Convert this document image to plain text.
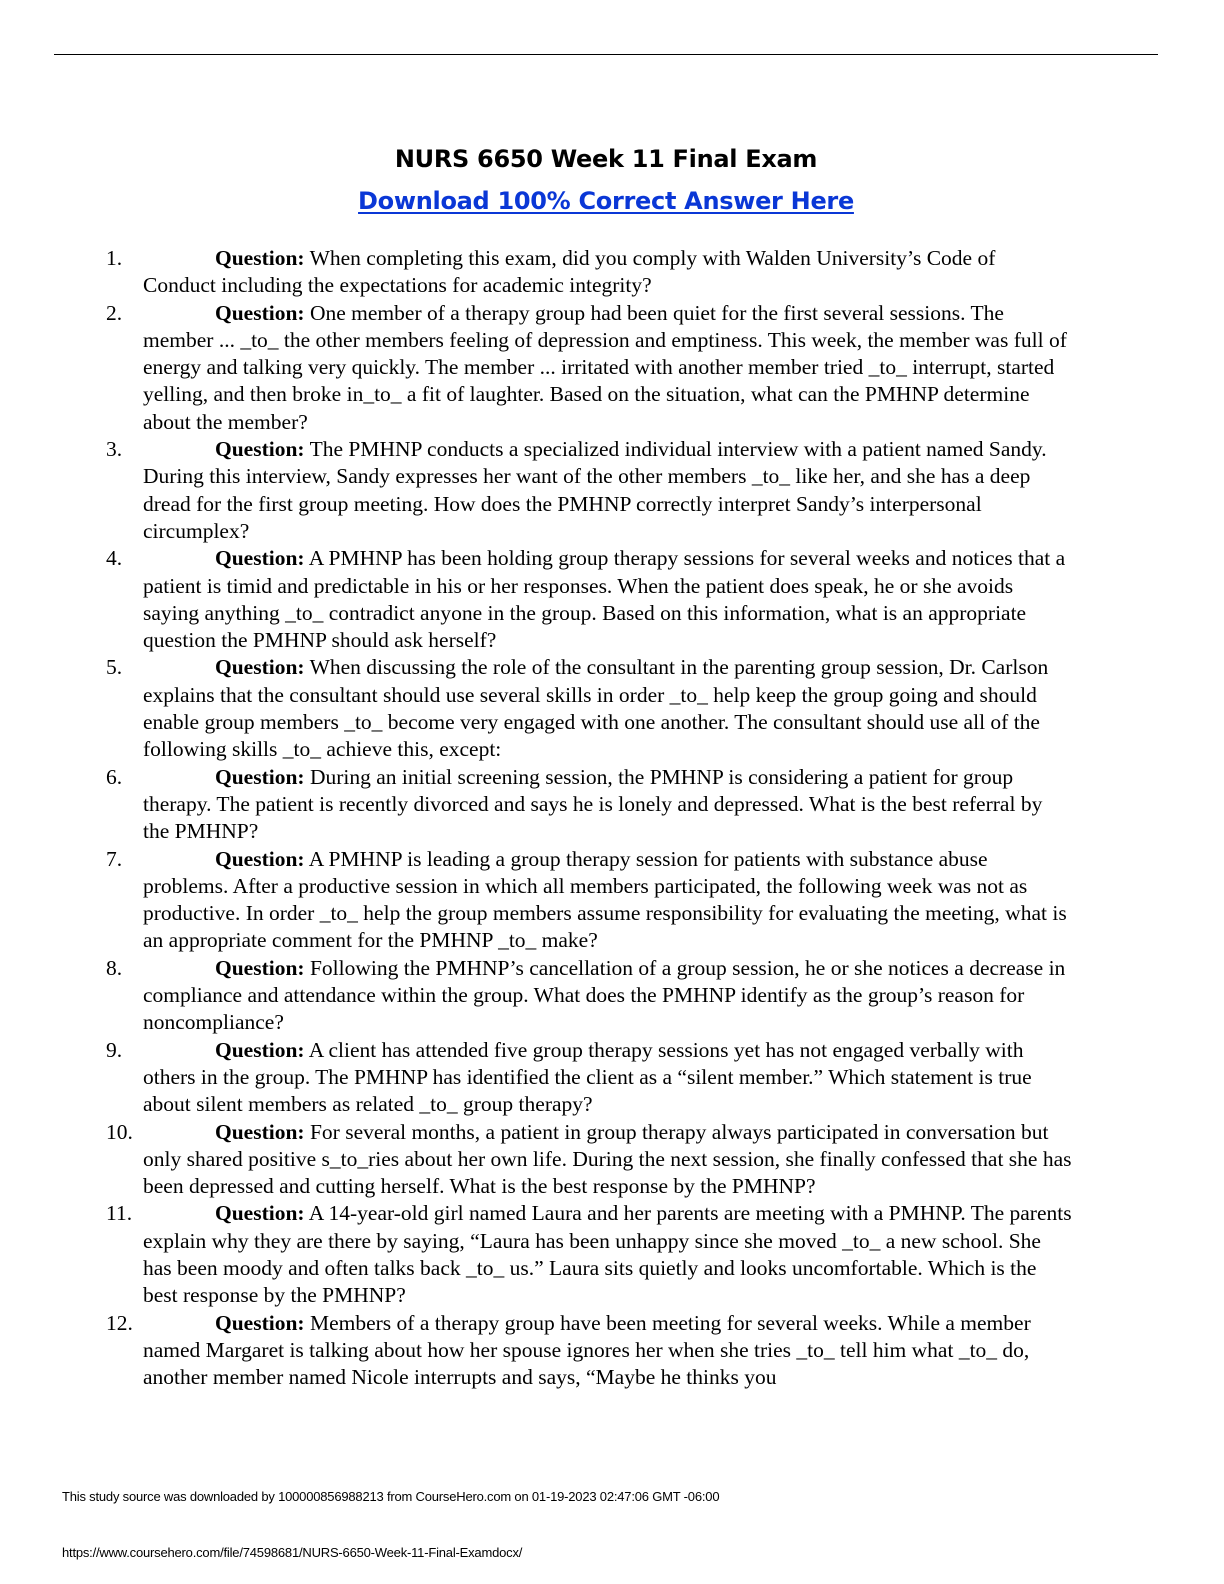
NURS 6650 Week 11 Final Exam
Download 100% Correct Answer Here
1.	Question: When completing this exam, did you comply with Walden University’s Code of Conduct including the expectations for academic integrity?
2.	Question: One member of a therapy group had been quiet for the first several sessions. The member ... _to_ the other members feeling of depression and emptiness. This week, the member was full of energy and talking very quickly. The member ... irritated with another member tried _to_ interrupt, started yelling, and then broke in_to_ a fit of laughter. Based on the situation, what can the PMHNP determine about the member?
3.	Question: The PMHNP conducts a specialized individual interview with a patient named Sandy. During this interview, Sandy expresses her want of the other members _to_ like her, and she has a deep dread for the first group meeting. How does the PMHNP correctly interpret Sandy’s interpersonal circumplex?
4.	Question: A PMHNP has been holding group therapy sessions for several weeks and notices that a patient is timid and predictable in his or her responses. When the patient does speak, he or she avoids saying anything _to_ contradict anyone in the group. Based on this information, what is an appropriate question the PMHNP should ask herself?
5.	Question: When discussing the role of the consultant in the parenting group session, Dr. Carlson explains that the consultant should use several skills in order _to_ help keep the group going and should enable group members _to_ become very engaged with one another. The consultant should use all of the following skills _to_ achieve this, except:
6.	Question: During an initial screening session, the PMHNP is considering a patient for group therapy. The patient is recently divorced and says he is lonely and depressed. What is the best referral by the PMHNP?
7.	Question: A PMHNP is leading a group therapy session for patients with substance abuse problems. After a productive session in which all members participated, the following week was not as productive. In order _to_ help the group members assume responsibility for evaluating the meeting, what is an appropriate comment for the PMHNP _to_ make?
8.	Question: Following the PMHNP’s cancellation of a group session, he or she notices a decrease in compliance and attendance within the group. What does the PMHNP identify as the group’s reason for noncompliance?
9.	Question: A client has attended five group therapy sessions yet has not engaged verbally with others in the group. The PMHNP has identified the client as a “silent member.” Which statement is true about silent members as related _to_ group therapy?
10.	Question: For several months, a patient in group therapy always participated in conversation but only shared positive s_to_ries about her own life. During the next session, she finally confessed that she has been depressed and cutting herself. What is the best response by the PMHNP?
11.	Question: A 14-year-old girl named Laura and her parents are meeting with a PMHNP. The parents explain why they are there by saying, “Laura has been unhappy since she moved _to_ a new school. She has been moody and often talks back _to_ us.” Laura sits quietly and looks uncomfortable. Which is the best response by the PMHNP?
12.	Question: Members of a therapy group have been meeting for several weeks. While a member named Margaret is talking about how her spouse ignores her when she tries _to_ tell him what _to_ do, another member named Nicole interrupts and says, “Maybe he thinks you
This study source was downloaded by 100000856988213 from CourseHero.com on 01-19-2023 02:47:06 GMT -06:00
https://www.coursehero.com/file/74598681/NURS-6650-Week-11-Final-Examdocx/
